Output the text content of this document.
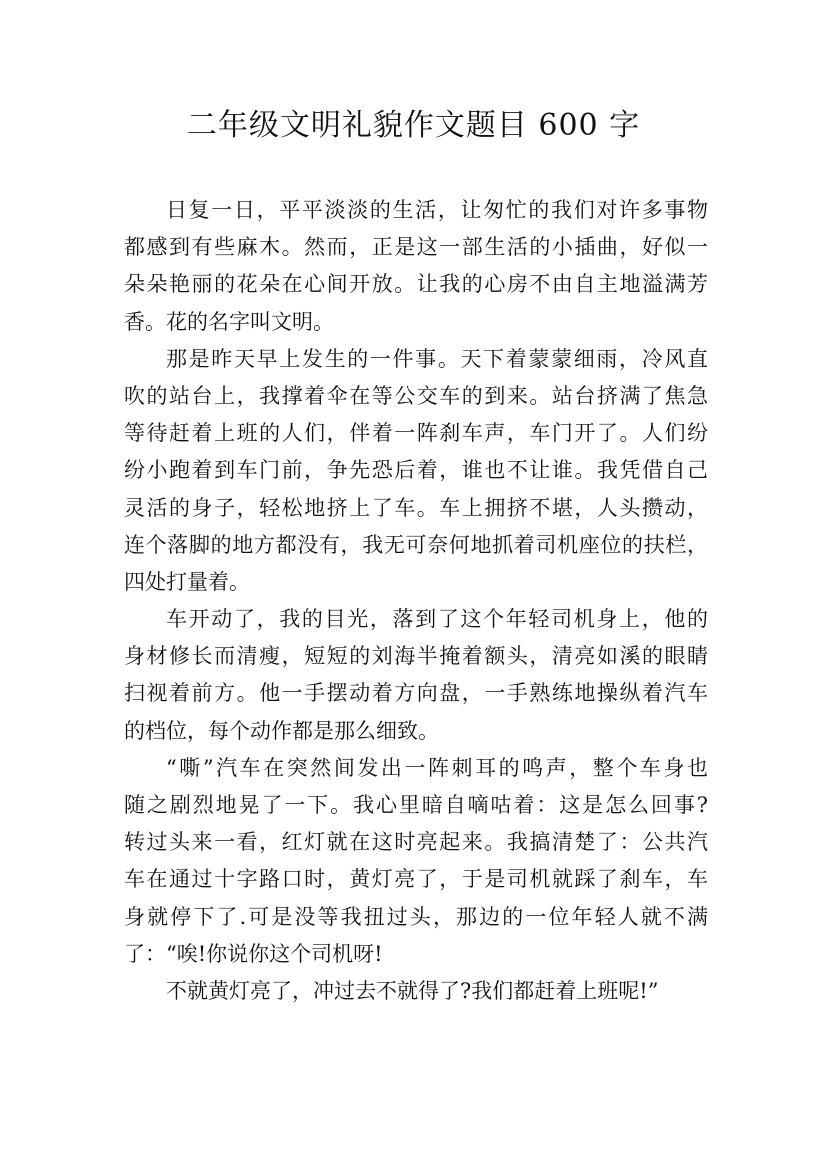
二年级文明礼貌作文题目 600 字

日复一日，平平淡淡的生活，让匆忙的我们对许多事物
都感到有些麻木。然而，正是这一部生活的小插曲，好似一
朵朵艳丽的花朵在心间开放。让我的心房不由自主地溢满芳
香。花的名字叫文明。

那是昨天早上发生的一件事。天下着蒙蒙细雨，冷风直
吹的站台上，我撑着伞在等公交车的到来。站台挤满了焦急
等待赶着上班的人们，伴着一阵刹车声，车门开了。人们纷
纷小跑着到车门前，争先恐后着，谁也不让谁。我凭借自己
灵活的身子，轻松地挤上了车。车上拥挤不堪，人头攒动，
连个落脚的地方都没有，我无可奈何地抓着司机座位的扶栏，
四处打量着。

车开动了，我的目光，落到了这个年轻司机身上，他的
身材修长而清瘦，短短的刘海半掩着额头，清亮如溪的眼睛
扫视着前方。他一手摆动着方向盘，一手熟练地操纵着汽车
的档位，每个动作都是那么细致。

“嘶”汽车在突然间发出一阵刺耳的鸣声，整个车身也
随之剧烈地晃了一下。我心里暗自嘀咕着：这是怎么回事?
转过头来一看，红灯就在这时亮起来。我搞清楚了：公共汽
车在通过十字路口时，黄灯亮了，于是司机就踩了刹车，车
身就停下了.可是没等我扭过头，那边的一位年轻人就不满
了：“唉!你说你这个司机呀!

不就黄灯亮了，冲过去不就得了?我们都赶着上班呢!”
